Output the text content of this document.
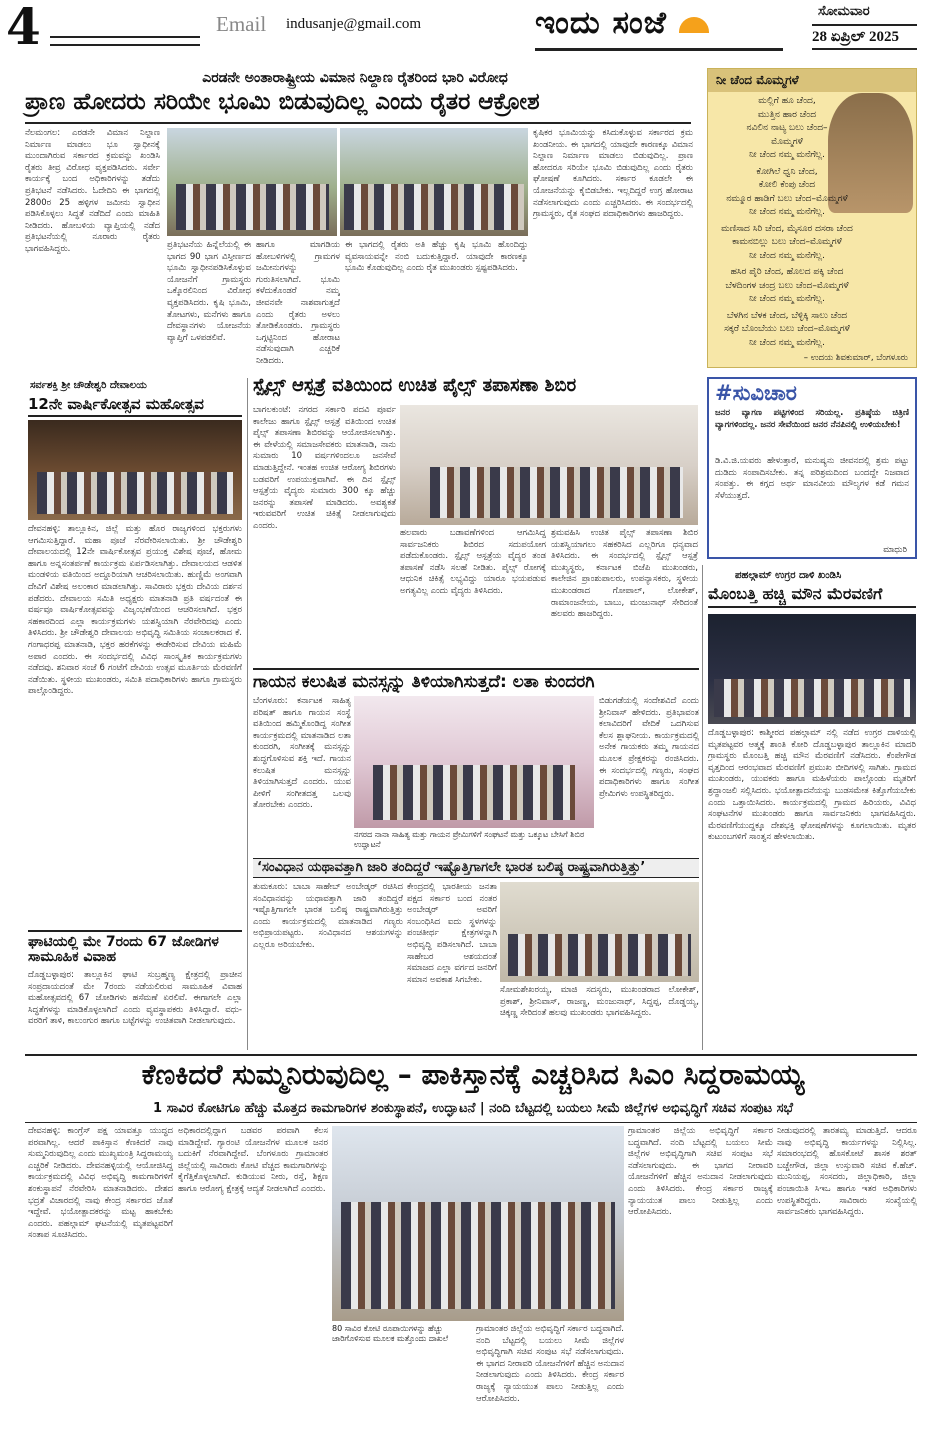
4	Email indusanje@gmail.com	ಇಂದು ಸಂಜೆ	ಸೋಮವಾರ
28 ಏಪ್ರಿಲ್ 2025
ಎರಡನೇ ಅಂತಾರಾಷ್ಟ್ರೀಯ ವಿಮಾನ ನಿಲ್ದಾಣ ರೈತರಿಂದ ಭಾರಿ ವಿರೋಧ
ಪ್ರಾಣ ಹೋದರು ಸರಿಯೇ ಭೂಮಿ ಬಿಡುವುದಿಲ್ಲ ಎಂದು ರೈತರ ಆಕ್ರೋಶ
ನೆಲಮಂಗಲ: ಎರಡನೇ ವಿಮಾನ ನಿಲ್ದಾಣ ನಿರ್ಮಾಣ ಮಾಡಲು ಭೂ ಸ್ವಾಧೀನಕ್ಕೆ ಮುಂದಾಗಿರುವ ಸರ್ಕಾರದ ಕ್ರಮವನ್ನು ಖಂಡಿಸಿ ರೈತರು ತೀವ್ರ ವಿರೋಧ ವ್ಯಕ್ತಪಡಿಸಿದರು. ಸರ್ವೇ ಕಾರ್ಯಕ್ಕೆ ಬಂದ ಅಧಿಕಾರಿಗಳನ್ನು ತಡೆದು ಪ್ರತಿಭಟನೆ ನಡೆಸಿದರು. ಓದೇದಿನಿ ಈ ಭಾಗದಲ್ಲಿ 2800ರ 25 ಹಳ್ಳಿಗಳ ಜಮೀನು ಸ್ವಾಧೀನ ಪಡಿಸಿಕೊಳ್ಳಲು ಸಿದ್ಧತೆ ನಡೆದಿದೆ ಎಂದು ಮಾಹಿತಿ ನೀಡಿದರು. ಹೋಬಳಿಯ ವ್ಯಾಪ್ತಿಯಲ್ಲಿ ನಡೆದ ಪ್ರತಿಭಟನೆಯಲ್ಲಿ ನೂರಾರು ರೈತರು ಭಾಗವಹಿಸಿದ್ದರು.
ಕೃಷಿಕರ ಭೂಮಿಯನ್ನು ಕಸಿದುಕೊಳ್ಳುವ ಸರ್ಕಾರದ ಕ್ರಮ ಖಂಡನೀಯ. ಈ ಭಾಗದಲ್ಲಿ ಯಾವುದೇ ಕಾರಣಕ್ಕೂ ವಿಮಾನ ನಿಲ್ದಾಣ ನಿರ್ಮಾಣ ಮಾಡಲು ಬಿಡುವುದಿಲ್ಲ. ಪ್ರಾಣ ಹೋದರೂ ಸರಿಯೇ ಭೂಮಿ ಬಿಡುವುದಿಲ್ಲ ಎಂದು ರೈತರು ಘೋಷಣೆ ಕೂಗಿದರು. ಸರ್ಕಾರ ಕೂಡಲೇ ಈ ಯೋಜನೆಯನ್ನು ಕೈಬಿಡಬೇಕು. ಇಲ್ಲದಿದ್ದರೆ ಉಗ್ರ ಹೋರಾಟ ನಡೆಸಲಾಗುವುದು ಎಂದು ಎಚ್ಚರಿಸಿದರು. ಈ ಸಂದರ್ಭದಲ್ಲಿ ಗ್ರಾಮಸ್ಥರು, ರೈತ ಸಂಘದ ಪದಾಧಿಕಾರಿಗಳು ಹಾಜರಿದ್ದರು.
ಪ್ರತಿಭಟನೆಯ ಹಿನ್ನೆಲೆಯಲ್ಲಿ ಈ ಭಾಗದ 90 ಭಾಗ ವಿಸ್ತೀರ್ಣದ ಭೂಮಿ ಸ್ವಾಧೀನಪಡಿಸಿಕೊಳ್ಳುವ ಯೋಜನೆಗೆ ಗ್ರಾಮಸ್ಥರು ಒಕ್ಕೊರಲಿನಿಂದ ವಿರೋಧ ವ್ಯಕ್ತಪಡಿಸಿದರು. ಕೃಷಿ ಭೂಮಿ, ತೋಟಗಳು, ಮನೆಗಳು ಹಾಗೂ ದೇವಸ್ಥಾನಗಳು ಯೋಜನೆಯ ವ್ಯಾಪ್ತಿಗೆ ಒಳಪಡಲಿವೆ.
ಹಾಗೂ ಮಾಗಡಿಯ ಹೋಬಳಿಗಳಲ್ಲಿ ಗ್ರಾಮಗಳ ಜಮೀನುಗಳನ್ನು ಗುರುತಿಸಲಾಗಿದೆ. ಭೂಮಿ ಕಳೆದುಕೊಂಡರೆ ನಮ್ಮ ಜೀವನವೇ ನಾಶವಾಗುತ್ತದೆ ಎಂದು ರೈತರು ಅಳಲು ತೋಡಿಕೊಂಡರು. ಗ್ರಾಮಸ್ಥರು ಒಗ್ಗಟ್ಟಿನಿಂದ ಹೋರಾಟ ನಡೆಸುವುದಾಗಿ ಎಚ್ಚರಿಕೆ ನೀಡಿದರು.
ಈ ಭಾಗದಲ್ಲಿ ರೈತರು ಅತಿ ಹೆಚ್ಚು ಕೃಷಿ ಭೂಮಿ ಹೊಂದಿದ್ದು ವ್ಯವಸಾಯವನ್ನೇ ನಂಬಿ ಬದುಕುತ್ತಿದ್ದಾರೆ. ಯಾವುದೇ ಕಾರಣಕ್ಕೂ ಭೂಮಿ ಕೊಡುವುದಿಲ್ಲ ಎಂದು ರೈತ ಮುಖಂಡರು ಸ್ಪಷ್ಟಪಡಿಸಿದರು.
ನೀ ಚೆಂದ ಮೊಮ್ಮಗಳೆ
ಮಲ್ಲಿಗೆ ಹೂ ಚೆಂದ,
ಮುತ್ತಿನ ಹಾರ ಚೆಂದ
ನವಿಲಿನ ನಾಟ್ಯ ಬಲು ಚೆಂದ–
ಮೊಮ್ಮಗಳೆ
ನೀ ಚೆಂದ ನಮ್ಮ ಮನೆಗೆಲ್ಲ.

ಕೋಗಿಲೆ ಧ್ವನಿ ಚೆಂದ,
ಕೋಲಿ ಕೆಂಪು ಚೆಂದ
ನಮ್ಮೂರ ಹಾಡಿಗೆ ಬಲು ಚೆಂದ–ಮೊಮ್ಮಗಳೆ
ನೀ ಚೆಂದ ನಮ್ಮ ಮನೆಗೆಲ್ಲ.

ಮಣಿಸಾದ ಸಿರಿ ಚೆಂದ, ಮೈಸೂರ ದಸರಾ ಚೆಂದ
ಕಾಮನಬಿಲ್ಲು ಬಲು ಚೆಂದ–ಮೊಮ್ಮಗಳೆ
ನೀ ಚೆಂದ ನಮ್ಮ ಮನೆಗೆಲ್ಲ.

ಹಸಿರ ಪೈರಿ ಚೆಂದ, ಹೊಲದ ಪಕ್ಕಿ ಚೆಂದ
ಬೆಳದಿಂಗಳ ಚಂದ್ರ ಬಲು ಚೆಂದ–ಮೊಮ್ಮಗಳೆ
ನೀ ಚೆಂದ ನಮ್ಮ ಮನೆಗೆಲ್ಲ.

ಬೆಳಗಿನ ಬೆಳಕ ಚೆಂದ, ಬೆಳ್ಳಿಕ್ಕಿ ಸಾಲು ಚೆಂದ
ಸಕ್ಕರೆ ಬೊಂಬೆಯು ಬಲು ಚೆಂದ–ಮೊಮ್ಮಗಳೆ
ನೀ ಚೆಂದ ನಮ್ಮ ಮನೆಗೆಲ್ಲ.
– ಉದಯ ಶಿವಕುಮಾರ್, ಬೆಂಗಳೂರು
#ಸುವಿಚಾರ
ಜನರ ವ್ಯಾಗಣ ಪಟ್ಟಿಗಳಿಂದ ಸರಿಯಲ್ಲ. ಪ್ರತಿಷ್ಠೆಯ ಚಿತ್ರಿಣಿ ವ್ಯಾಗಗಳಿಂದಲ್ಲ. ಜನರ ಸೇವೆಯಿಂದ ಜನರ ನೆನಪಿನಲ್ಲಿ ಉಳಿಯಬೇಕು!
ಡಿ.ವಿ.ಜಿ.ಯವರು ಹೇಳುತ್ತಾರೆ, ಮನುಷ್ಯನು ಜೀವನದಲ್ಲಿ ಶ್ರಮ ಪಟ್ಟು ದುಡಿದು ಸಂಪಾದಿಸಬೇಕು. ತನ್ನ ಪರಿಶ್ರಮದಿಂದ ಬಂದದ್ದೇ ನಿಜವಾದ ಸಂಪತ್ತು. ಈ ಕಗ್ಗದ ಅರ್ಥ ಮಾನವೀಯ ಮೌಲ್ಯಗಳ ಕಡೆ ಗಮನ ಸೆಳೆಯುತ್ತದೆ.
ಮಾಧುರಿ
ಪಹಲ್ಗಾಮ್ ಉಗ್ರರ ದಾಳಿ ಖಂಡಿಸಿ
ಮೊಂಬತ್ತಿ ಹಚ್ಚಿ ಮೌನ ಮೆರವಣಿಗೆ
ದೊಡ್ಡಬಳ್ಳಾಪುರ: ಕಾಶ್ಮೀರದ ಪಹಲ್ಗಾಮ್ ನಲ್ಲಿ ನಡೆದ ಉಗ್ರರ ದಾಳಿಯಲ್ಲಿ ಮೃತಪಟ್ಟವರ ಆತ್ಮಕ್ಕೆ ಶಾಂತಿ ಕೋರಿ ದೊಡ್ಡಬಳ್ಳಾಪುರ ತಾಲ್ಲೂಕಿನ ಮಾದರಿ ಗ್ರಾಮಸ್ಥರು ಮೊಂಬತ್ತಿ ಹಚ್ಚಿ ಮೌನ ಮೆರವಣಿಗೆ ನಡೆಸಿದರು. ಕೆಂಪೇಗೌಡ ವೃತ್ತದಿಂದ ಆರಂಭವಾದ ಮೆರವಣಿಗೆ ಪ್ರಮುಖ ಬೀದಿಗಳಲ್ಲಿ ಸಾಗಿತು. ಗ್ರಾಮದ ಮುಖಂಡರು, ಯುವಕರು ಹಾಗೂ ಮಹಿಳೆಯರು ಪಾಲ್ಗೊಂಡು ಮೃತರಿಗೆ ಶ್ರದ್ಧಾಂಜಲಿ ಸಲ್ಲಿಸಿದರು. ಭಯೋತ್ಪಾದನೆಯನ್ನು ಬುಡಸಮೇತ ಕಿತ್ತೊಗೆಯಬೇಕು ಎಂದು ಒತ್ತಾಯಿಸಿದರು. ಕಾರ್ಯಕ್ರಮದಲ್ಲಿ ಗ್ರಾಮದ ಹಿರಿಯರು, ವಿವಿಧ ಸಂಘಟನೆಗಳ ಮುಖಂಡರು ಹಾಗೂ ಸಾರ್ವಜನಿಕರು ಭಾಗವಹಿಸಿದ್ದರು. ಮೆರವಣಿಗೆಯುದ್ದಕ್ಕೂ ದೇಶಭಕ್ತಿ ಘೋಷಣೆಗಳನ್ನು ಕೂಗಲಾಯಿತು. ಮೃತರ ಕುಟುಂಬಗಳಿಗೆ ಸಾಂತ್ವನ ಹೇಳಲಾಯಿತು.
ಸರ್ವಶಕ್ತಿ ಶ್ರೀ ಚೌಡೇಶ್ವರಿ ದೇವಾಲಯ
12ನೇ ವಾರ್ಷಿಕೋತ್ಸವ ಮಹೋತ್ಸವ
ದೇವನಹಳ್ಳಿ: ತಾಲ್ಲೂಕಿನ, ಜಿಲ್ಲೆ ಮತ್ತು ಹೊರ ರಾಜ್ಯಗಳಿಂದ ಭಕ್ತರುಗಳು ಆಗಮಿಸುತ್ತಿದ್ದಾರೆ. ಮಹಾ ಪೂಜೆ ನೆರವೇರಿಸಲಾಯಿತು. ಶ್ರೀ ಚೌಡೇಶ್ವರಿ ದೇವಾಲಯದಲ್ಲಿ 12ನೇ ವಾರ್ಷಿಕೋತ್ಸವ ಪ್ರಯುಕ್ತ ವಿಶೇಷ ಪೂಜೆ, ಹೋಮ ಹಾಗೂ ಅನ್ನಸಂತರ್ಪಣೆ ಕಾರ್ಯಕ್ರಮ ಏರ್ಪಡಿಸಲಾಗಿತ್ತು. ದೇವಾಲಯದ ಆಡಳಿತ ಮಂಡಳಿಯ ವತಿಯಿಂದ ಅದ್ದೂರಿಯಾಗಿ ಆಚರಿಸಲಾಯಿತು. ಹುಣ್ಣಿಮೆ ಅಂಗವಾಗಿ ದೇವಿಗೆ ವಿಶೇಷ ಅಲಂಕಾರ ಮಾಡಲಾಗಿತ್ತು. ಸಾವಿರಾರು ಭಕ್ತರು ದೇವಿಯ ದರ್ಶನ ಪಡೆದರು. ದೇವಾಲಯ ಸಮಿತಿ ಅಧ್ಯಕ್ಷರು ಮಾತನಾಡಿ ಪ್ರತಿ ವರ್ಷದಂತೆ ಈ ವರ್ಷವೂ ವಾರ್ಷಿಕೋತ್ಸವವನ್ನು ವಿಜೃಂಭಣೆಯಿಂದ ಆಚರಿಸಲಾಗಿದೆ. ಭಕ್ತರ ಸಹಕಾರದಿಂದ ಎಲ್ಲಾ ಕಾರ್ಯಕ್ರಮಗಳು ಯಶಸ್ವಿಯಾಗಿ ನೆರವೇರಿದವು ಎಂದು ತಿಳಿಸಿದರು. ಶ್ರೀ ಚೌಡೇಶ್ವರಿ ದೇವಾಲಯ ಅಭಿವೃದ್ಧಿ ಸಮಿತಿಯ ಸಂಚಾಲಕರಾದ ಕೆ. ಗಂಗಾಧರಪ್ಪ ಮಾತನಾಡಿ, ಭಕ್ತರ ಹರಕೆಗಳನ್ನು ಈಡೇರಿಸುವ ದೇವಿಯ ಮಹಿಮೆ ಅಪಾರ ಎಂದರು. ಈ ಸಂದರ್ಭದಲ್ಲಿ ವಿವಿಧ ಸಾಂಸ್ಕೃತಿಕ ಕಾರ್ಯಕ್ರಮಗಳು ನಡೆದವು. ಶನಿವಾರ ಸಂಜೆ 6 ಗಂಟೆಗೆ ದೇವಿಯ ಉತ್ಸವ ಮೂರ್ತಿಯ ಮೆರವಣಿಗೆ ನಡೆಯಿತು. ಸ್ಥಳೀಯ ಮುಖಂಡರು, ಸಮಿತಿ ಪದಾಧಿಕಾರಿಗಳು ಹಾಗೂ ಗ್ರಾಮಸ್ಥರು ಪಾಲ್ಗೊಂಡಿದ್ದರು.
ಘಾಟಿಯಲ್ಲಿ ಮೇ 7ರಂದು 67 ಜೋಡಿಗಳ ಸಾಮೂಹಿಕ ವಿವಾಹ
ದೊಡ್ಡಬಳ್ಳಾಪುರ: ತಾಲ್ಲೂಕಿನ ಘಾಟಿ ಸುಬ್ರಹ್ಮಣ್ಯ ಕ್ಷೇತ್ರದಲ್ಲಿ ಪ್ರಾಚೀನ ಸಂಪ್ರದಾಯದಂತೆ ಮೇ 7ರಂದು ನಡೆಯಲಿರುವ ಸಾಮೂಹಿಕ ವಿವಾಹ ಮಹೋತ್ಸವದಲ್ಲಿ 67 ಜೋಡಿಗಳು ಹಸೆಮಣೆ ಏರಲಿವೆ. ಈಗಾಗಲೇ ಎಲ್ಲಾ ಸಿದ್ಧತೆಗಳನ್ನು ಮಾಡಿಕೊಳ್ಳಲಾಗಿದೆ ಎಂದು ವ್ಯವಸ್ಥಾಪಕರು ತಿಳಿಸಿದ್ದಾರೆ. ವಧು-ವರರಿಗೆ ತಾಳಿ, ಕಾಲುಂಗುರ ಹಾಗೂ ಬಟ್ಟೆಗಳನ್ನು ಉಚಿತವಾಗಿ ನೀಡಲಾಗುವುದು.
ಸ್ಪೈಲ್ಸ್ ಆಸ್ಪತ್ರೆ ವತಿಯಿಂದ ಉಚಿತ ಪೈಲ್ಸ್ ತಪಾಸಣಾ ಶಿಬಿರ
ಬಾಗಲಕುಂಟೆ: ನಗರದ ಸರ್ಕಾರಿ ಪದವಿ ಪೂರ್ವ ಕಾಲೇಜು ಹಾಗೂ ಸ್ಪೈಲ್ಸ್ ಆಸ್ಪತ್ರೆ ವತಿಯಿಂದ ಉಚಿತ ಪೈಲ್ಸ್ ತಪಾಸಣಾ ಶಿಬಿರವನ್ನು ಆಯೋಜಿಸಲಾಗಿತ್ತು. ಈ ವೇಳೆಯಲ್ಲಿ ಸಮಾಜಸೇವಕರು ಮಾತನಾಡಿ, ನಾನು ಸುಮಾರು 10 ವರ್ಷಗಳಿಂದಲೂ ಜನಸೇವೆ ಮಾಡುತ್ತಿದ್ದೇನೆ. ಇಂತಹ ಉಚಿತ ಆರೋಗ್ಯ ಶಿಬಿರಗಳು ಬಡವರಿಗೆ ಉಪಯುಕ್ತವಾಗಿವೆ. ಈ ದಿನ ಸ್ಪೈಲ್ಸ್ ಆಸ್ಪತ್ರೆಯ ವೈದ್ಯರು ಸುಮಾರು 300 ಕ್ಕೂ ಹೆಚ್ಚು ಜನರನ್ನು ತಪಾಸಣೆ ಮಾಡಿದರು. ಅವಶ್ಯಕತೆ ಇರುವವರಿಗೆ ಉಚಿತ ಚಿಕಿತ್ಸೆ ನೀಡಲಾಗುವುದು ಎಂದರು.
ಹಲವಾರು ಬಡಾವಣೆಗಳಿಂದ ಆಗಮಿಸಿದ್ದ ಸಾರ್ವಜನಿಕರು ಶಿಬಿರದ ಸದುಪಯೋಗ ಪಡೆದುಕೊಂಡರು. ಸ್ಪೈಲ್ಸ್ ಆಸ್ಪತ್ರೆಯ ವೈದ್ಯರ ತಂಡ ತಪಾಸಣೆ ನಡೆಸಿ ಸಲಹೆ ನೀಡಿತು. ಪೈಲ್ಸ್ ರೋಗಕ್ಕೆ ಆಧುನಿಕ ಚಿಕಿತ್ಸೆ ಲಭ್ಯವಿದ್ದು ಯಾರೂ ಭಯಪಡುವ ಅಗತ್ಯವಿಲ್ಲ ಎಂದು ವೈದ್ಯರು ತಿಳಿಸಿದರು.
ಶ್ರಮವಹಿಸಿ ಉಚಿತ ಪೈಲ್ಸ್ ತಪಾಸಣಾ ಶಿಬಿರ ಯಶಸ್ವಿಯಾಗಲು ಸಹಕರಿಸಿದ ಎಲ್ಲರಿಗೂ ಧನ್ಯವಾದ ತಿಳಿಸಿದರು. ಈ ಸಂದರ್ಭದಲ್ಲಿ ಸ್ಪೈಲ್ಸ್ ಆಸ್ಪತ್ರೆ ಮುಖ್ಯಸ್ಥರು, ಕರ್ನಾಟಕ ಬಿಜೆಪಿ ಮುಖಂಡರು, ಕಾಲೇಜಿನ ಪ್ರಾಂಶುಪಾಲರು, ಉಪನ್ಯಾಸಕರು, ಸ್ಥಳೀಯ ಮುಖಂಡರಾದ ಗೋಪಾಲ್, ಲೋಕೇಶ್, ರಾಮಾಂಜನೇಯ, ಬಾಬು, ಮಂಜುನಾಥ್ ಸೇರಿದಂತೆ ಹಲವರು ಹಾಜರಿದ್ದರು.
ಗಾಯನ ಕಲುಷಿತ ಮನಸ್ಸನ್ನು ತಿಳಿಯಾಗಿಸುತ್ತದೆ: ಲತಾ ಕುಂದರಗಿ
ಬೆಂಗಳೂರು: ಕರ್ನಾಟಕ ಸಾಹಿತ್ಯ ಪರಿಷತ್ ಹಾಗೂ ಗಾಯನ ಸಂಸ್ಥೆ ವತಿಯಿಂದ ಹಮ್ಮಿಕೊಂಡಿದ್ದ ಸಂಗೀತ ಕಾರ್ಯಕ್ರಮದಲ್ಲಿ ಮಾತನಾಡಿದ ಲತಾ ಕುಂದರಗಿ, ಸಂಗೀತಕ್ಕೆ ಮನಸ್ಸನ್ನು ಶುದ್ಧಗೊಳಿಸುವ ಶಕ್ತಿ ಇದೆ. ಗಾಯನ ಕಲುಷಿತ ಮನಸ್ಸನ್ನು ತಿಳಿಯಾಗಿಸುತ್ತದೆ ಎಂದರು. ಯುವ ಪೀಳಿಗೆ ಸಂಗೀತದತ್ತ ಒಲವು ತೋರಬೇಕು ಎಂದರು.
ನಗರದ ನಾನಾ ಸಾಹಿತ್ಯ ಮತ್ತು ಗಾಯನ ಪ್ರೇಮಿಗಳಿಗೆ ಸಂಘಟನೆ ಮತ್ತು ಒಕ್ಕೂಟ ಬೇಸಿಗೆ ಶಿಬಿರ ಉದ್ಘಾಟನೆ
ಬಿಡುಗಡೆಯಲ್ಲಿ ಸಂದೇಶವಿದೆ ಎಂದು ಶ್ರೀನಿವಾಸ್ ಹೇಳಿದರು. ಪ್ರತಿಭಾವಂತ ಕಲಾವಿದರಿಗೆ ವೇದಿಕೆ ಒದಗಿಸುವ ಕೆಲಸ ಶ್ಲಾಘನೀಯ. ಕಾರ್ಯಕ್ರಮದಲ್ಲಿ ಅನೇಕ ಗಾಯಕರು ತಮ್ಮ ಗಾಯನದ ಮೂಲಕ ಪ್ರೇಕ್ಷಕರನ್ನು ರಂಜಿಸಿದರು. ಈ ಸಂದರ್ಭದಲ್ಲಿ ಗಣ್ಯರು, ಸಂಘದ ಪದಾಧಿಕಾರಿಗಳು ಹಾಗೂ ಸಂಗೀತ ಪ್ರೇಮಿಗಳು ಉಪಸ್ಥಿತರಿದ್ದರು.
‘ಸಂವಿಧಾನ ಯಥಾವತ್ತಾಗಿ ಜಾರಿ ತಂದಿದ್ದರೆ ಇಷ್ಟೊತ್ತಿಗಾಗಲೇ ಭಾರತ ಬಲಿಷ್ಠ ರಾಷ್ಟ್ರವಾಗಿರುತ್ತಿತ್ತು’
ತುಮಕೂರು: ಬಾಬಾ ಸಾಹೇಬ್ ಅಂಬೇಡ್ಕರ್ ರಚಿಸಿದ ಸಂವಿಧಾನವನ್ನು ಯಥಾವತ್ತಾಗಿ ಜಾರಿ ತಂದಿದ್ದರೆ ಇಷ್ಟೊತ್ತಿಗಾಗಲೇ ಭಾರತ ಬಲಿಷ್ಠ ರಾಷ್ಟ್ರವಾಗಿರುತ್ತಿತ್ತು ಎಂದು ಕಾರ್ಯಕ್ರಮದಲ್ಲಿ ಮಾತನಾಡಿದ ಗಣ್ಯರು ಅಭಿಪ್ರಾಯಪಟ್ಟರು. ಸಂವಿಧಾನದ ಆಶಯಗಳನ್ನು ಎಲ್ಲರೂ ಅರಿಯಬೇಕು.
ಕೇಂದ್ರದಲ್ಲಿ ಭಾರತೀಯ ಜನತಾ ಪಕ್ಷದ ಸರ್ಕಾರ ಬಂದ ನಂತರ ಅಂಬೇಡ್ಕರ್ ಅವರಿಗೆ ಸಂಬಂಧಿಸಿದ ಐದು ಸ್ಥಳಗಳನ್ನು ಪಂಚತೀರ್ಥ ಕ್ಷೇತ್ರಗಳನ್ನಾಗಿ ಅಭಿವೃದ್ಧಿ ಪಡಿಸಲಾಗಿದೆ. ಬಾಬಾ ಸಾಹೇಬರ ಆಶಯದಂತೆ ಸಮಾಜದ ಎಲ್ಲಾ ವರ್ಗದ ಜನರಿಗೆ ಸಮಾನ ಅವಕಾಶ ಸಿಗಬೇಕು.
ಸೋಮಶೇಖರಯ್ಯ, ಮಾಜಿ ಸದಸ್ಯರು, ಮುಖಂಡರಾದ ಲೋಕೇಶ್, ಪ್ರಕಾಶ್, ಶ್ರೀನಿವಾಸ್, ರಾಜಣ್ಣ, ಮಂಜುನಾಥ್, ಸಿದ್ದಪ್ಪ, ದೊಡ್ಡಯ್ಯ, ಚಿಕ್ಕಣ್ಣ ಸೇರಿದಂತೆ ಹಲವು ಮುಖಂಡರು ಭಾಗವಹಿಸಿದ್ದರು.
ಕೆಣಕಿದರೆ ಸುಮ್ಮನಿರುವುದಿಲ್ಲ – ಪಾಕಿಸ್ತಾನಕ್ಕೆ ಎಚ್ಚರಿಸಿದ ಸಿಎಂ ಸಿದ್ದರಾಮಯ್ಯ
1 ಸಾವಿರ ಕೋಟಿಗೂ ಹೆಚ್ಚು ಮೊತ್ತದ ಕಾಮಗಾರಿಗಳ ಶಂಕುಸ್ಥಾಪನೆ, ಉದ್ಘಾಟನೆ | ನಂದಿ ಬೆಟ್ಟದಲ್ಲಿ ಬಯಲು ಸೀಮೆ ಜಿಲ್ಲೆಗಳ ಅಭಿವೃದ್ಧಿಗೆ ಸಚಿವ ಸಂಪುಟ ಸಭೆ
ದೇವನಹಳ್ಳಿ: ಕಾಂಗ್ರೆಸ್ ಪಕ್ಷ ಯಾವತ್ತೂ ಯುದ್ಧದ ಪರವಾಗಿಲ್ಲ. ಆದರೆ ಪಾಕಿಸ್ತಾನ ಕೆಣಕಿದರೆ ನಾವು ಸುಮ್ಮನಿರುವುದಿಲ್ಲ ಎಂದು ಮುಖ್ಯಮಂತ್ರಿ ಸಿದ್ದರಾಮಯ್ಯ ಎಚ್ಚರಿಕೆ ನೀಡಿದರು. ದೇವನಹಳ್ಳಿಯಲ್ಲಿ ಆಯೋಜಿಸಿದ್ದ ಕಾರ್ಯಕ್ರಮದಲ್ಲಿ ವಿವಿಧ ಅಭಿವೃದ್ಧಿ ಕಾಮಗಾರಿಗಳಿಗೆ ಶಂಕುಸ್ಥಾಪನೆ ನೆರವೇರಿಸಿ ಮಾತನಾಡಿದರು. ದೇಶದ ಭದ್ರತೆ ವಿಚಾರದಲ್ಲಿ ನಾವು ಕೇಂದ್ರ ಸರ್ಕಾರದ ಜೊತೆ ಇದ್ದೇವೆ. ಭಯೋತ್ಪಾದಕರನ್ನು ಮಟ್ಟ ಹಾಕಬೇಕು ಎಂದರು. ಪಹಲ್ಗಾಮ್ ಘಟನೆಯಲ್ಲಿ ಮೃತಪಟ್ಟವರಿಗೆ ಸಂತಾಪ ಸೂಚಿಸಿದರು.
ಅಧಿಕಾರದಲ್ಲಿದ್ದಾಗ ಬಡವರ ಪರವಾಗಿ ಕೆಲಸ ಮಾಡಿದ್ದೇವೆ. ಗ್ಯಾರಂಟಿ ಯೋಜನೆಗಳ ಮೂಲಕ ಜನರ ಬದುಕಿಗೆ ನೆರವಾಗಿದ್ದೇವೆ. ಬೆಂಗಳೂರು ಗ್ರಾಮಾಂತರ ಜಿಲ್ಲೆಯಲ್ಲಿ ಸಾವಿರಾರು ಕೋಟಿ ವೆಚ್ಚದ ಕಾಮಗಾರಿಗಳನ್ನು ಕೈಗೆತ್ತಿಕೊಳ್ಳಲಾಗಿದೆ. ಕುಡಿಯುವ ನೀರು, ರಸ್ತೆ, ಶಿಕ್ಷಣ ಹಾಗೂ ಆರೋಗ್ಯ ಕ್ಷೇತ್ರಕ್ಕೆ ಆದ್ಯತೆ ನೀಡಲಾಗಿದೆ ಎಂದರು.
80 ಸಾವಿರ ಕೋಟಿ ರೂಪಾಯಿಗಳನ್ನು ಹೆಚ್ಚು ಜಾರಿಗೊಳಿಸುವ ಮೂಲಕ ಮತ್ತೊಂದು ದಾಖಲೆ
ಗ್ರಾಮಾಂತರ ಜಿಲ್ಲೆಯ ಅಭಿವೃದ್ಧಿಗೆ ಸರ್ಕಾರ ಬದ್ಧವಾಗಿದೆ. ನಂದಿ ಬೆಟ್ಟದಲ್ಲಿ ಬಯಲು ಸೀಮೆ ಜಿಲ್ಲೆಗಳ ಅಭಿವೃದ್ಧಿಗಾಗಿ ಸಚಿವ ಸಂಪುಟ ಸಭೆ ನಡೆಸಲಾಗುವುದು. ಈ ಭಾಗದ ನೀರಾವರಿ ಯೋಜನೆಗಳಿಗೆ ಹೆಚ್ಚಿನ ಅನುದಾನ ನೀಡಲಾಗುವುದು ಎಂದು ತಿಳಿಸಿದರು. ಕೇಂದ್ರ ಸರ್ಕಾರ ರಾಜ್ಯಕ್ಕೆ ನ್ಯಾಯಯುತ ಪಾಲು ನೀಡುತ್ತಿಲ್ಲ ಎಂದು ಆರೋಪಿಸಿದರು.
ಗ್ರಾಮಾಂತರ ಜಿಲ್ಲೆಯ ಅಭಿವೃದ್ಧಿಗೆ ಸರ್ಕಾರ ಬದ್ಧವಾಗಿದೆ. ನಂದಿ ಬೆಟ್ಟದಲ್ಲಿ ಬಯಲು ಸೀಮೆ ಜಿಲ್ಲೆಗಳ ಅಭಿವೃದ್ಧಿಗಾಗಿ ಸಚಿವ ಸಂಪುಟ ಸಭೆ ನಡೆಸಲಾಗುವುದು. ಈ ಭಾಗದ ನೀರಾವರಿ ಯೋಜನೆಗಳಿಗೆ ಹೆಚ್ಚಿನ ಅನುದಾನ ನೀಡಲಾಗುವುದು ಎಂದು ತಿಳಿಸಿದರು. ಕೇಂದ್ರ ಸರ್ಕಾರ ರಾಜ್ಯಕ್ಕೆ ನ್ಯಾಯಯುತ ಪಾಲು ನೀಡುತ್ತಿಲ್ಲ ಎಂದು ಆರೋಪಿಸಿದರು.
ನೀಡುವುದರಲ್ಲಿ ತಾರತಮ್ಯ ಮಾಡುತ್ತಿದೆ. ಆದರೂ ನಾವು ಅಭಿವೃದ್ಧಿ ಕಾರ್ಯಗಳನ್ನು ನಿಲ್ಲಿಸಿಲ್ಲ. ಸಮಾರಂಭದಲ್ಲಿ ಹೊಸಕೋಟೆ ಶಾಸಕ ಶರತ್ ಬಚ್ಚೇಗೌಡ, ಜಿಲ್ಲಾ ಉಸ್ತುವಾರಿ ಸಚಿವ ಕೆ.ಹೆಚ್. ಮುನಿಯಪ್ಪ, ಸಂಸದರು, ಜಿಲ್ಲಾಧಿಕಾರಿ, ಜಿಲ್ಲಾ ಪಂಚಾಯಿತಿ ಸಿಇಒ ಹಾಗೂ ಇತರ ಅಧಿಕಾರಿಗಳು ಉಪಸ್ಥಿತರಿದ್ದರು. ಸಾವಿರಾರು ಸಂಖ್ಯೆಯಲ್ಲಿ ಸಾರ್ವಜನಿಕರು ಭಾಗವಹಿಸಿದ್ದರು.
